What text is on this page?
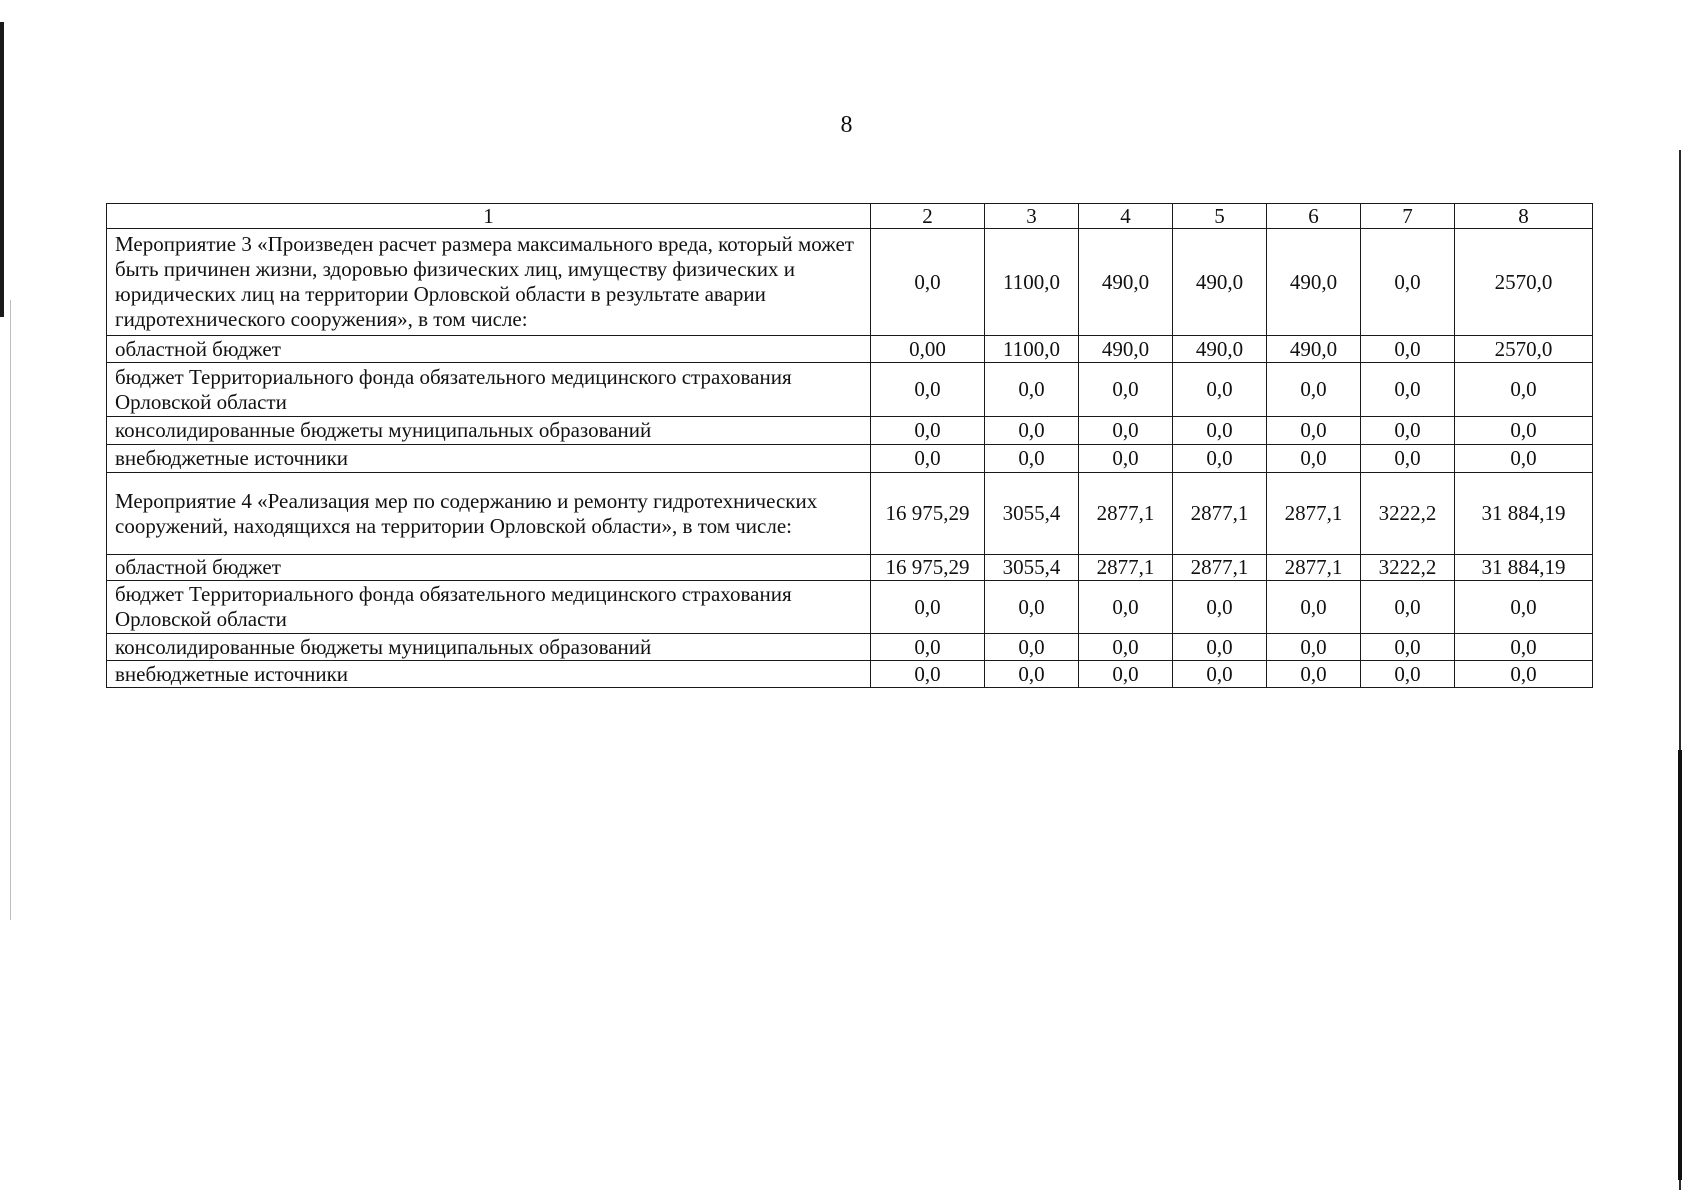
8
1	2	3	4	5	6	7	8
Мероприятие 3 «Произведен расчет размера максимального вреда, который может быть причинен жизни, здоровью физических лиц, имуществу физических и юридических лиц на территории Орловской области в результате аварии гидротехнического сооружения», в том числе:	0,0	1100,0	490,0	490,0	490,0	0,0	2570,0
областной бюджет	0,00	1100,0	490,0	490,0	490,0	0,0	2570,0
бюджет Территориального фонда обязательного медицинского страхования Орловской области	0,0	0,0	0,0	0,0	0,0	0,0	0,0
консолидированные бюджеты муниципальных образований	0,0	0,0	0,0	0,0	0,0	0,0	0,0
внебюджетные источники	0,0	0,0	0,0	0,0	0,0	0,0	0,0
Мероприятие 4 «Реализация мер по содержанию и ремонту гидротехнических сооружений, находящихся на территории Орловской области», в том числе:	16 975,29	3055,4	2877,1	2877,1	2877,1	3222,2	31 884,19
областной бюджет	16 975,29	3055,4	2877,1	2877,1	2877,1	3222,2	31 884,19
бюджет Территориального фонда обязательного медицинского страхования Орловской области	0,0	0,0	0,0	0,0	0,0	0,0	0,0
консолидированные бюджеты муниципальных образований	0,0	0,0	0,0	0,0	0,0	0,0	0,0
внебюджетные источники	0,0	0,0	0,0	0,0	0,0	0,0	0,0
